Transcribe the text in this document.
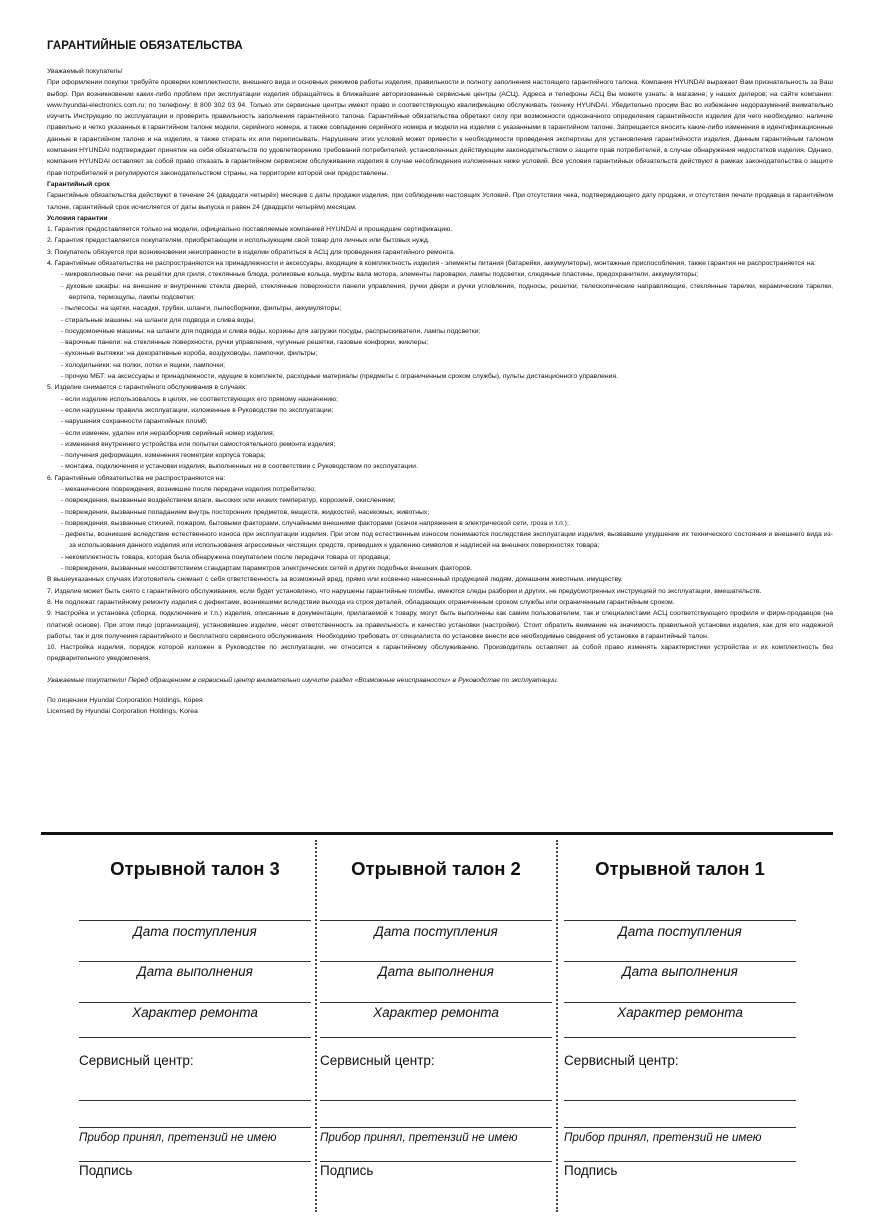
ГАРАНТИЙНЫЕ ОБЯЗАТЕЛЬСТВА

Уважаемый покупатель!

При оформлении покупки требуйте проверки комплектности, внешнего вида и основных режимов работы изделия, правильности и полноту заполнения настоящего гарантийного талона. Компания HYUNDAI выражает Вам признательность за Ваш выбор. При возникновении каких-либо проблем при эксплуатации изделия обращайтесь в ближайшие авторизованные сервисные центры (АСЦ). Адреса и телефоны АСЦ Вы можете узнать: в магазине; у наших дилеров; на сайте компании: www.hyundai-electronics.com.ru; по телефону: 8 800 302 03 94. Только эти сервисные центры имеют право и соответствующую квалификацию обслуживать технику HYUNDAI. Убедительно просим Вас во избежание недоразумений внимательно изучить Инструкцию по эксплуатации и проверить правильность заполнения гарантийного талона. Гарантийные обязательства обретают силу при возможности однозначного определения гарантийности изделия для чего необходимо: наличие правильно и четко указанных в гарантийном талоне модели, серийного номера, а также совпадение серийного номера и модели на изделии с указанными в гарантийном талоне. Запрещается вносить какие-либо изменения в идентификационные данные в гарантийном талоне и на изделии, а также стирать их или переписывать. Нарушение этих условий может привести к необходимости проведения экспертизы для установления гарантийности изделия. Данным гарантийным талоном компания HYUNDAI подтверждает принятие на себя обязательств по удовлетворению требований потребителей, установленных действующим законодательством о защите прав потребителей, в случае обнаружения недостатков изделия. Однако, компания HYUNDAI оставляет за собой право отказать в гарантийном сервисном обслуживании изделия в случае несоблюдения изложенных ниже условий. Все условия гарантийных обязательств действуют в рамках законодательства о защите прав потребителей и регулируются законодательством страны, на территории которой они предоставлены.

Гарантийный срок

Гарантийные обязательства действуют в течение 24 (двадцати четырёх) месяцев с даты продажи изделия, при соблюдении настоящих Условий. При отсутствии чека, подтверждающего дату продажи, и отсутствия печати продавца в гарантийном талоне, гарантийный срок исчисляется от даты выпуска и равен 24 (двадцати четырём) месяцам.

Условия гарантии

1. Гарантия предоставляется только на модели, официально поставляемые компанией HYUNDAI и прошедшие сертификацию.

2. Гарантия предоставляется покупателям, приобретающим и использующим свой товар для личных или бытовых нужд.

3. Покупатель обязуется при возникновении неисправности в изделии обратиться в АСЦ для проведения гарантийного ремонта.

4. Гарантийные обязательства не распространяются на принадлежности и аксессуары, входящие в комплектность изделия - элементы питания (батарейки, аккумуляторы), монтажные приспособления, также гарантия не распространяется на:

- микроволновые печи: на решётки для гриля, стеклянные блюда, роликовые кольца, муфты вала мотора, элементы пароварки, лампы подсветки, слюдяные пластины, предохранители, аккумуляторы;

- духовые шкафы: на внешние и внутренние стекла дверей, стеклянные поверхности панели управления, ручки двери и ручки угловления, подносы, решетки, телескопические направляющие, стеклянные тарелки, керамические тарелки, вертела, термощупы, лампы подсветки;

- пылесосы: на щетки, насадки, трубки, шланги, пылесборники, фильтры, аккумуляторы;

- стиральные машины: на шланги для подвода и слива воды;

- посудомоечные машины: на шланги для подвода и слива воды, корзины для загрузки посуды, распрыскиватели, лампы подсветки;

- варочные панели: на стеклянные поверхности, ручки управления, чугунные решетки, газовые конфорки, жиклеры;

- кухонные вытяжки: на декоративные короба, воздуховоды, лампочки, фильтры;

- холодильники: на полки, лотки и ящики, лампочки;

- прочую МБТ: на аксессуары и принадлежности, идущие в комплекте, расходные материалы (предметы с ограниченным сроком службы), пульты дистанционного управления.

5. Изделие снимается с гарантийного обслуживания в случаях:

- если изделие использовалось в целях, не соответствующих его прямому назначению;

- если нарушены правила эксплуатации, изложенные в Руководстве по эксплуатации;

- нарушения сохранности гарантийных пломб;

- если изменен, удален или неразборчив серийный номер изделия;

- изменения внутреннего устройства или попытки самостоятельного ремонта изделия;

- получения деформации, изменения геометрии корпуса товара;

- монтажа, подключения и установки изделия, выполненных не в соответствии с Руководством по эксплуатации.

6. Гарантийные обязательства не распространяются на:

- механические повреждения, возникшие после передачи изделия потребителю;

- повреждения, вызванные воздействием влаги, высоких или низких температур, коррозией, окислением;

- повреждения, вызванные попаданием внутрь посторонних предметов, веществ, жидкостей, насекомых, животных;

- повреждения, вызванные стихией, пожаром, бытовыми факторами, случайными внешними факторами (скачок напряжения в электрической сети, гроза и т.п.);

- дефекты, возникшие вследствие естественного износа при эксплуатации изделия. При этом под естественным износом понимаются последствия эксплуатации изделия, вызвавшие ухудшение их технического состояния и внешнего вида из-за использования данного изделия или использования агрессивных чистящих средств, приведших к удалению символов и надписей на внешних поверхностях товара;

- некомплектность товара, которая была обнаружена покупателем после передачи товара от продавца;

- повреждения, вызванные несоответствием стандартам параметров электрических сетей и других подобных внешних факторов.

В вышеуказанных случаях Изготовитель снимает с себя ответственность за возможный вред, прямо или косвенно нанесенный продукцией людям, домашним животным, имуществу.

7. Изделие может быть снято с гарантийного обслуживания, если будет установлено, что нарушены гарантийные пломбы, имеются следы разборки и других, не предусмотренных инструкцией по эксплуатации, вмешательств.

8. Не подлежат гарантийному ремонту изделия с дефектами, возникшими вследствие выхода из строя деталей, обладающих ограниченным сроком службы или ограниченным гарантийным сроком.

9. Настройка и установка (сборка, подключение и т.п.) изделия, описанные в документации, прилагаемой к товару, могут быть выполнены как самим пользователем, так и специалистами АСЦ соответствующего профиля и фирм-продавцов (на платной основе). При этом лицо (организация), установившее изделие, несет ответственность за правильность и качество установки (настройки). Стоит обратить внимание на значимость правильной установки изделия, как для его надежной работы, так и для получения гарантийного и бесплатного сервисного обслуживания. Необходимо требовать от специалиста по установке внести все необходимые сведения об установке в гарантийный талон.

10. Настройка изделия, порядок которой изложен в Руководстве по эксплуатации, не относится к гарантийному обслуживанию. Производитель оставляет за собой право изменять характеристики устройства и их комплектность без предварительного уведомления.

Уважаемые покупатели! Перед обращением в сервисный центр внимательно изучите раздел «Возможные неисправности» в Руководстве по эксплуатации.

По лицензии Hyundai Corporation Holdings, Корея

Licensed by Hyundai Corporation Holdings, Korea

Отрывной талон 3
Дата поступления
Дата выполнения
Характер ремонта
Сервисный центр:
Прибор принял, претензий не имею
Подпись
Отрывной талон 2
Дата поступления
Дата выполнения
Характер ремонта
Сервисный центр:
Прибор принял, претензий не имею
Подпись
Отрывной талон 1
Дата поступления
Дата выполнения
Характер ремонта
Сервисный центр:
Прибор принял, претензий не имею
Подпись
